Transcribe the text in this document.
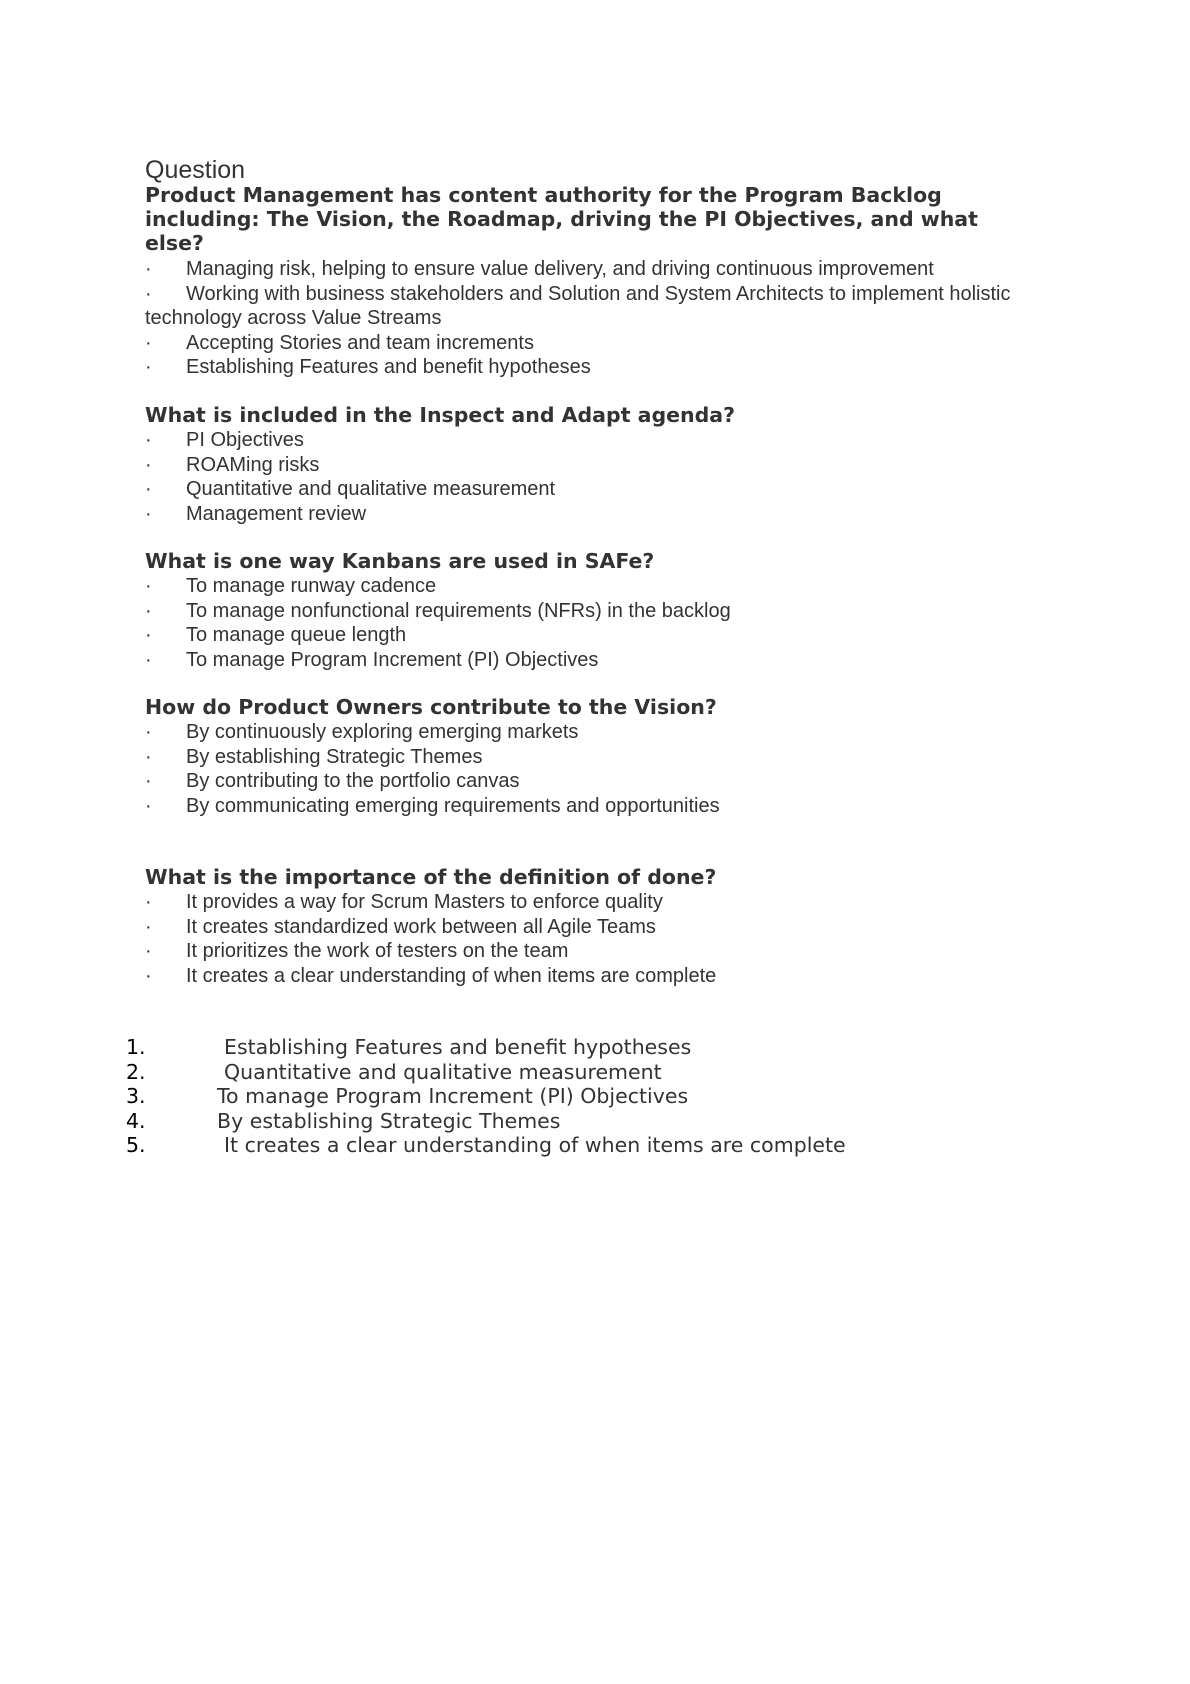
Question
Product Management has content authority for the Program Backlog including: The Vision, the Roadmap, driving the PI Objectives, and what else?
· Managing risk, helping to ensure value delivery, and driving continuous improvement
· Working with business stakeholders and Solution and System Architects to implement holistic technology across Value Streams
· Accepting Stories and team increments
· Establishing Features and benefit hypotheses
What is included in the Inspect and Adapt agenda?
· PI Objectives
· ROAMing risks
· Quantitative and qualitative measurement
· Management review
What is one way Kanbans are used in SAFe?
· To manage runway cadence
· To manage nonfunctional requirements (NFRs) in the backlog
· To manage queue length
· To manage Program Increment (PI) Objectives
How do Product Owners contribute to the Vision?
· By continuously exploring emerging markets
· By establishing Strategic Themes
· By contributing to the portfolio canvas
· By communicating emerging requirements and opportunities
What is the importance of the definition of done?
· It provides a way for Scrum Masters to enforce quality
· It creates standardized work between all Agile Teams
· It prioritizes the work of testers on the team
· It creates a clear understanding of when items are complete
1.	Establishing Features and benefit hypotheses
2.	Quantitative and qualitative measurement
3.	To manage Program Increment (PI) Objectives
4.	By establishing Strategic Themes
5.	It creates a clear understanding of when items are complete
